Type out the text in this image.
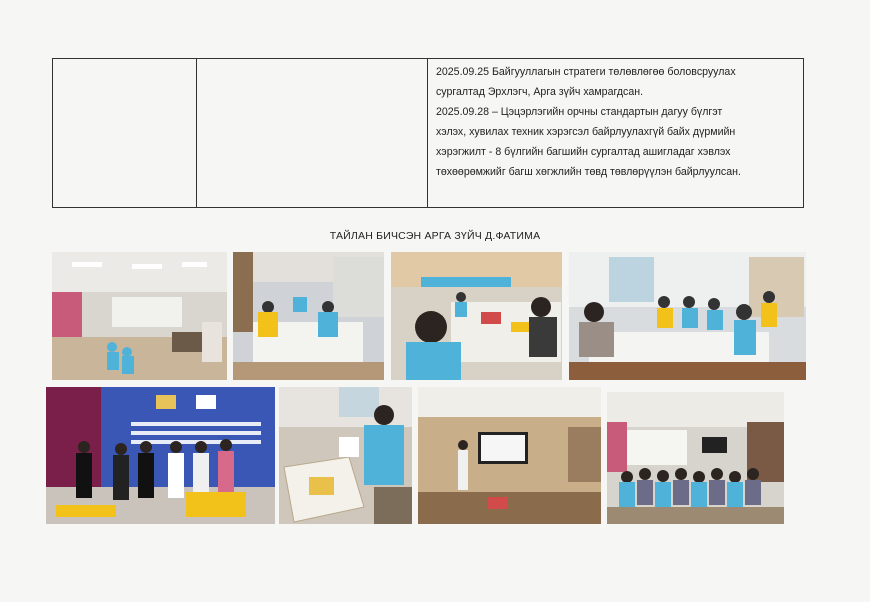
2025.09.25 Байгууллагын стратеги төлөвлөгөө боловсруулах

сургалтад Эрхлэгч, Арга зүйч хамрагдсан.

2025.09.28 – Цэцэрлэгийн орчны стандартын дагуу бүлгэт

хэлэх, хувилах техник хэрэгсэл байрлуулахгүй байх дүрмийн

хэрэгжилт - 8 бүлгийн багшийн сургалтад ашигладаг хэвлэх

төхөөрөмжийг багш хөгжлийн төвд төвлөрүүлэн байрлуулсан.

ТАЙЛАН БИЧСЭН АРГА ЗҮЙЧ Д.ФАТИМА
